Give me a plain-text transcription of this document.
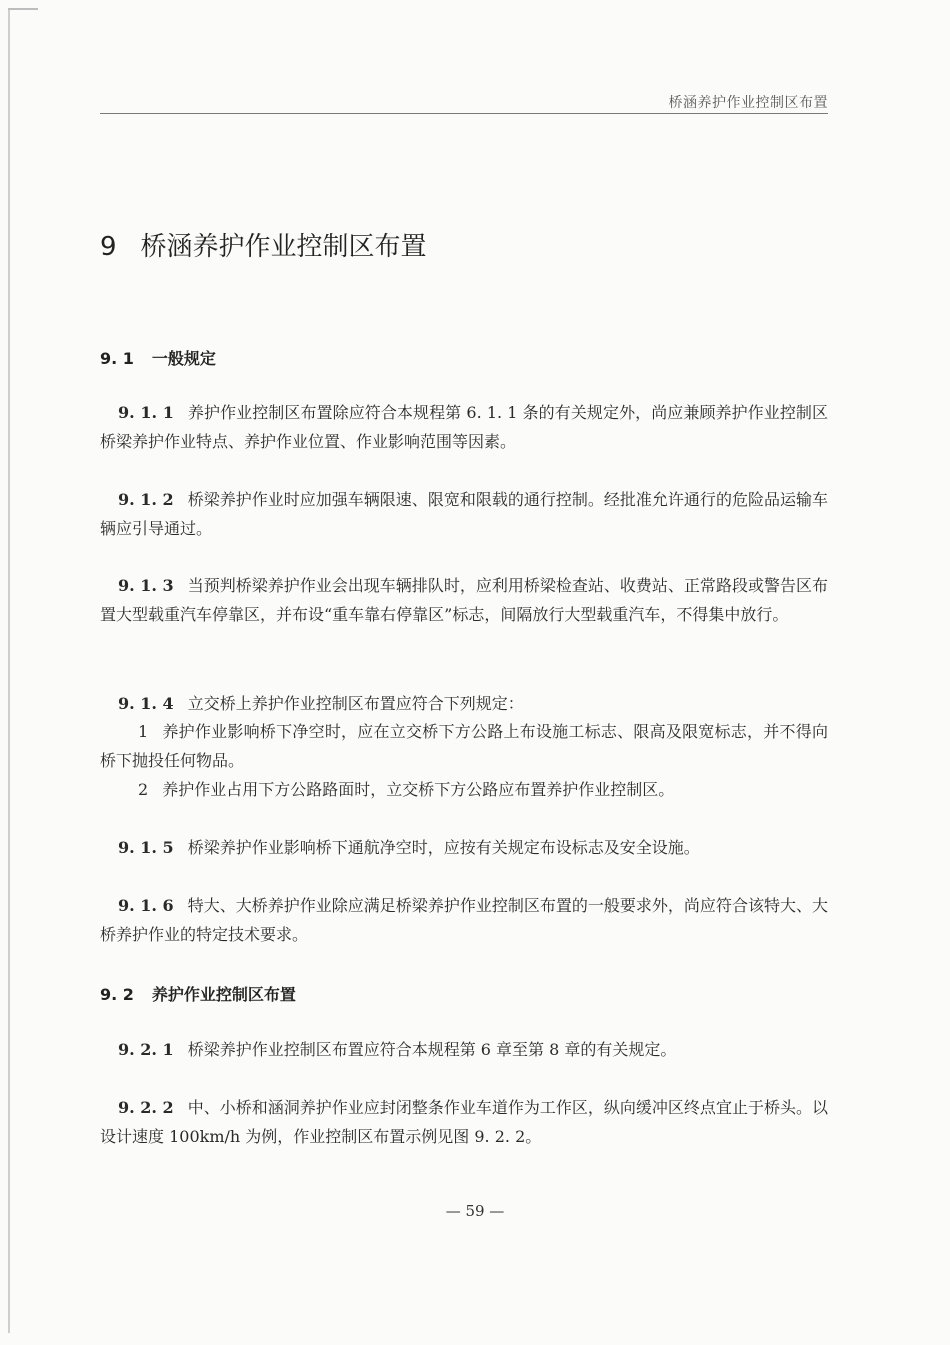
桥涵养护作业控制区布置
9 桥涵养护作业控制区布置
9. 1 一般规定

9. 1. 1 养护作业控制区布置除应符合本规程第 6. 1. 1 条的有关规定外，尚应兼顾养护作业控制区桥梁养护作业特点、养护作业位置、作业影响范围等因素。

9. 1. 2 桥梁养护作业时应加强车辆限速、限宽和限载的通行控制。经批准允许通行的危险品运输车辆应引导通过。

9. 1. 3 当预判桥梁养护作业会出现车辆排队时，应利用桥梁检查站、收费站、正常路段或警告区布置大型载重汽车停靠区，并布设“重车靠右停靠区”标志，间隔放行大型载重汽车，不得集中放行。

9. 1. 4 立交桥上养护作业控制区布置应符合下列规定：

1 养护作业影响桥下净空时，应在立交桥下方公路上布设施工标志、限高及限宽标志，并不得向桥下抛投任何物品。

2 养护作业占用下方公路路面时，立交桥下方公路应布置养护作业控制区。

9. 1. 5 桥梁养护作业影响桥下通航净空时，应按有关规定布设标志及安全设施。

9. 1. 6 特大、大桥养护作业除应满足桥梁养护作业控制区布置的一般要求外，尚应符合该特大、大桥养护作业的特定技术要求。

9. 2 养护作业控制区布置

9. 2. 1 桥梁养护作业控制区布置应符合本规程第 6 章至第 8 章的有关规定。

9. 2. 2 中、小桥和涵洞养护作业应封闭整条作业车道作为工作区，纵向缓冲区终点宜止于桥头。以设计速度 100km/h 为例，作业控制区布置示例见图 9. 2. 2。

— 59 —
